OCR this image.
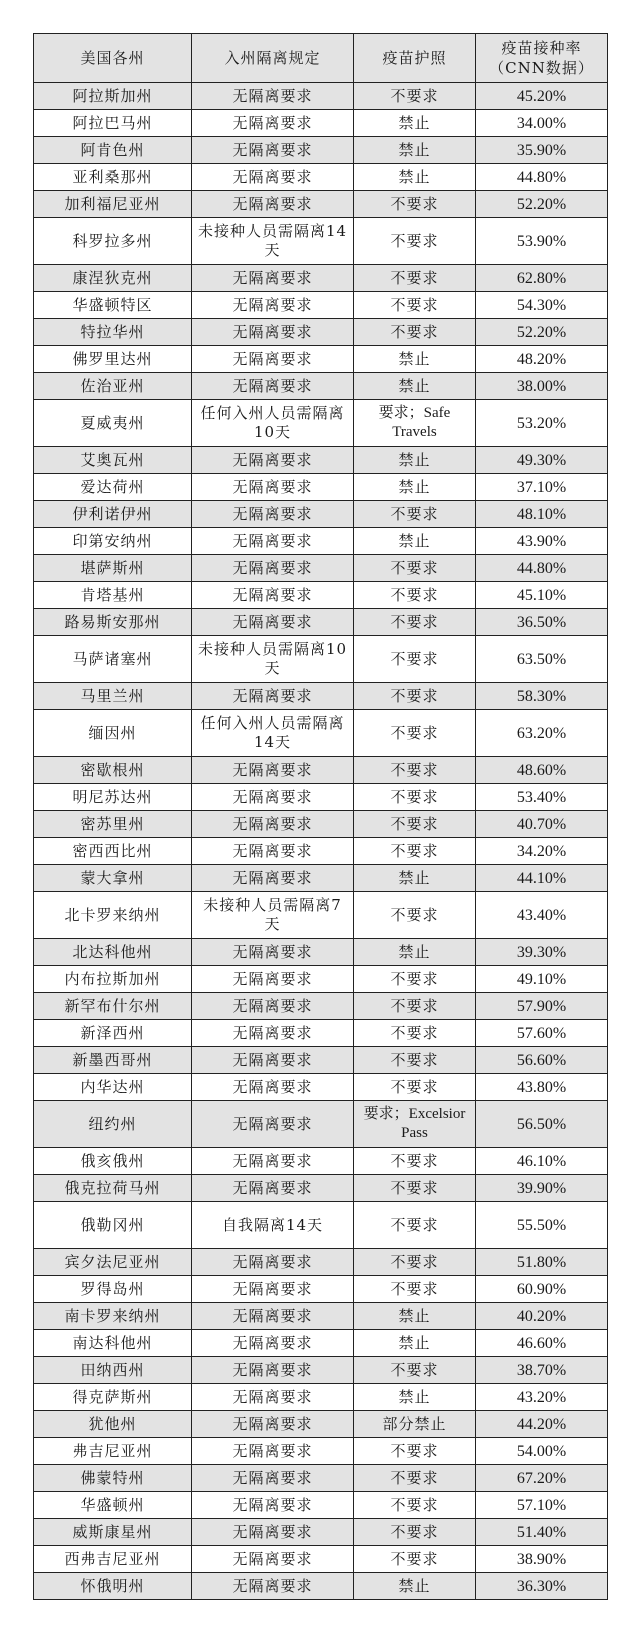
美国各州	入州隔离规定	疫苗护照	疫苗接种率
（CNN数据）
阿拉斯加州	无隔离要求	不要求	45.20%
阿拉巴马州	无隔离要求	禁止	34.00%
阿肯色州	无隔离要求	禁止	35.90%
亚利桑那州	无隔离要求	禁止	44.80%
加利福尼亚州	无隔离要求	不要求	52.20%
科罗拉多州	未接种人员需隔离14天	不要求	53.90%
康涅狄克州	无隔离要求	不要求	62.80%
华盛顿特区	无隔离要求	不要求	54.30%
特拉华州	无隔离要求	不要求	52.20%
佛罗里达州	无隔离要求	禁止	48.20%
佐治亚州	无隔离要求	禁止	38.00%
夏威夷州	任何入州人员需隔离10天	要求；Safe Travels	53.20%
艾奥瓦州	无隔离要求	禁止	49.30%
爱达荷州	无隔离要求	禁止	37.10%
伊利诺伊州	无隔离要求	不要求	48.10%
印第安纳州	无隔离要求	禁止	43.90%
堪萨斯州	无隔离要求	不要求	44.80%
肯塔基州	无隔离要求	不要求	45.10%
路易斯安那州	无隔离要求	不要求	36.50%
马萨诸塞州	未接种人员需隔离10天	不要求	63.50%
马里兰州	无隔离要求	不要求	58.30%
缅因州	任何入州人员需隔离14天	不要求	63.20%
密歇根州	无隔离要求	不要求	48.60%
明尼苏达州	无隔离要求	不要求	53.40%
密苏里州	无隔离要求	不要求	40.70%
密西西比州	无隔离要求	不要求	34.20%
蒙大拿州	无隔离要求	禁止	44.10%
北卡罗来纳州	未接种人员需隔离7天	不要求	43.40%
北达科他州	无隔离要求	禁止	39.30%
内布拉斯加州	无隔离要求	不要求	49.10%
新罕布什尔州	无隔离要求	不要求	57.90%
新泽西州	无隔离要求	不要求	57.60%
新墨西哥州	无隔离要求	不要求	56.60%
内华达州	无隔离要求	不要求	43.80%
纽约州	无隔离要求	要求；Excelsior Pass	56.50%
俄亥俄州	无隔离要求	不要求	46.10%
俄克拉荷马州	无隔离要求	不要求	39.90%
俄勒冈州	自我隔离14天	不要求	55.50%
宾夕法尼亚州	无隔离要求	不要求	51.80%
罗得岛州	无隔离要求	不要求	60.90%
南卡罗来纳州	无隔离要求	禁止	40.20%
南达科他州	无隔离要求	禁止	46.60%
田纳西州	无隔离要求	不要求	38.70%
得克萨斯州	无隔离要求	禁止	43.20%
犹他州	无隔离要求	部分禁止	44.20%
弗吉尼亚州	无隔离要求	不要求	54.00%
佛蒙特州	无隔离要求	不要求	67.20%
华盛顿州	无隔离要求	不要求	57.10%
威斯康星州	无隔离要求	不要求	51.40%
西弗吉尼亚州	无隔离要求	不要求	38.90%
怀俄明州	无隔离要求	禁止	36.30%
